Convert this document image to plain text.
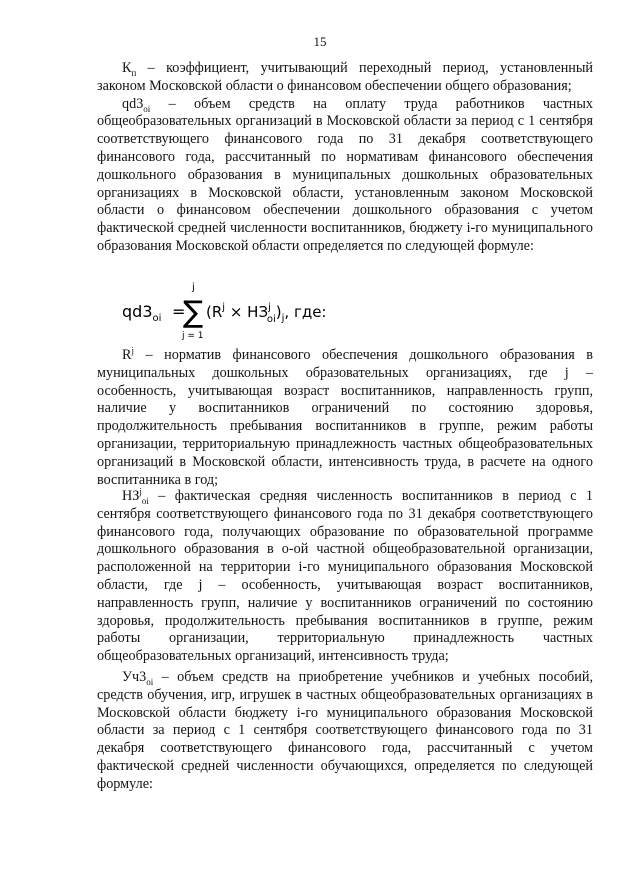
15
$К_п$ – коэффициент, учитывающий переходный период, установленный законом Московской области о финансовом обеспечении общего образования;
$qd3_{oi}$ – объем средств на оплату труда работников частных общеобразовательных организаций в Московской области за период с 1 сентября соответствующего финансового года по 31 декабря соответствующего финансового года, рассчитанный по нормативам финансового обеспечения дошкольного образования в муниципальных дошкольных образовательных организациях в Московской области, установленным законом Московской области о финансовом обеспечении дошкольного образования с учетом фактической средней численности воспитанников, бюджету i-го муниципального образования Московской области определяется по следующей формуле:
$qd3_{oi}$ =
j
∑
j = 1
($R^j \times НЗ^j$ $oi)_j$, где:
$R^j$ – норматив финансового обеспечения дошкольного образования в муниципальных дошкольных образовательных организациях, где j – особенность, учитывающая возраст воспитанников, направленность групп, наличие у воспитанников ограничений по состоянию здоровья, продолжительность пребывания воспитанников в группе, режим работы организации, территориальную принадлежность частных общеобразовательных организаций в Московской области, интенсивность труда, в расчете на одного воспитанника в год;
$НЗ^j_{oi}$ – фактическая средняя численность воспитанников в период с 1 сентября соответствующего финансового года по 31 декабря соответствующего финансового года, получающих образование по образовательной программе дошкольного образования в о-ой частной общеобразовательной организации, расположенной на территории i-го муниципального образования Московской области, где j – особенность, учитывающая возраст воспитанников, направленность групп, наличие у воспитанников ограничений по состоянию здоровья, продолжительность пребывания воспитанников в группе, режим работы организации, территориальную принадлежность частных общеобразовательных организаций, интенсивность труда;
$Уч3_{oi}$ – объем средств на приобретение учебников и учебных пособий, средств обучения, игр, игрушек в частных общеобразовательных организациях в Московской области бюджету i-го муниципального образования Московской области за период с 1 сентября соответствующего финансового года по 31 декабря соответствующего финансового года, рассчитанный с учетом фактической средней численности обучающихся, определяется по следующей формуле:
